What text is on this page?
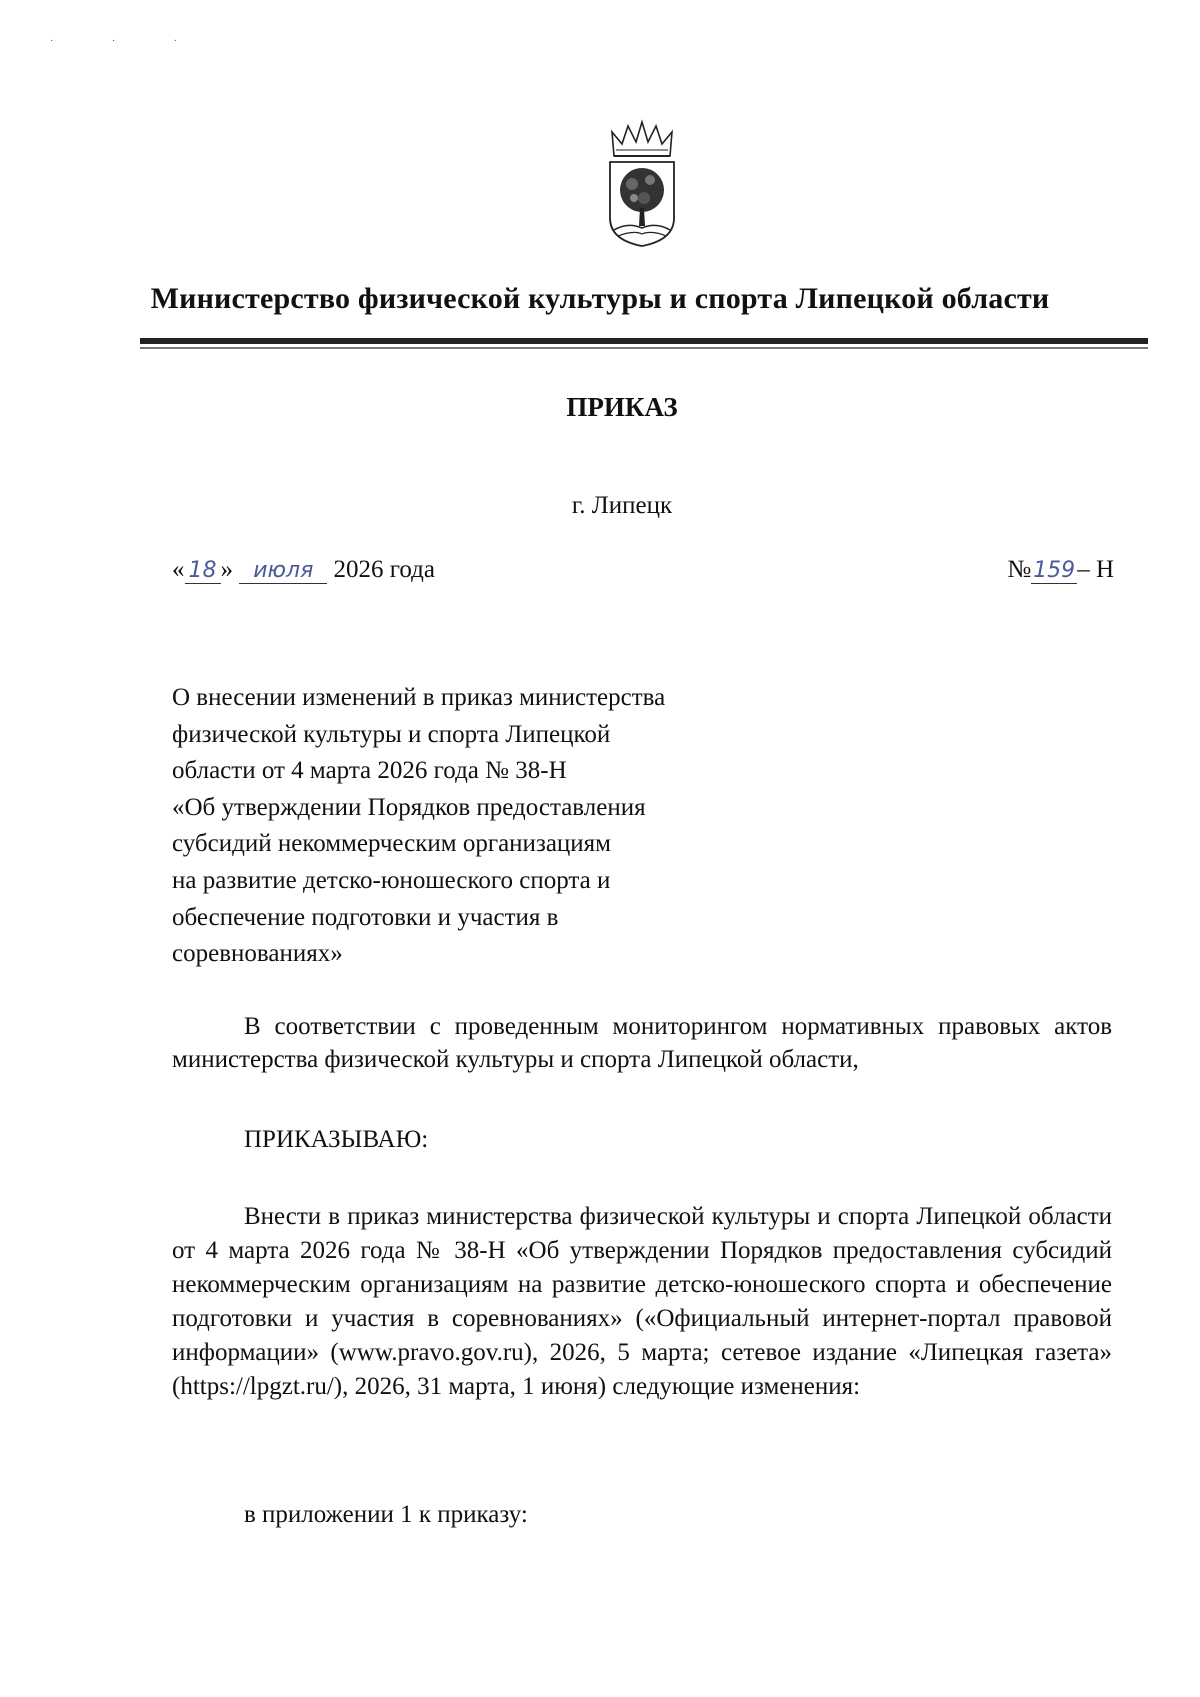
· · ·
Министерство физической культуры и спорта Липецкой области
ПРИКАЗ
г. Липецк
« 18 » июля 2026 года	№159– Н
О внесении изменений в приказ министерства
физической культуры и спорта Липецкой
области от 4 марта 2026 года № 38-Н
«Об утверждении Порядков предоставления
субсидий некоммерческим организациям
на развитие детско-юношеского спорта и
обеспечение подготовки и участия в
соревнованиях»
В соответствии с проведенным мониторингом нормативных правовых актов министерства физической культуры и спорта Липецкой области,
ПРИКАЗЫВАЮ:
Внести в приказ министерства физической культуры и спорта Липецкой области от 4 марта 2026 года № 38-Н «Об утверждении Порядков предоставления субсидий некоммерческим организациям на развитие детско-юношеского спорта и обеспечение подготовки и участия в соревнованиях» («Официальный интернет-портал правовой информации» (www.pravo.gov.ru), 2026, 5 марта; сетевое издание «Липецкая газета» (https://lpgzt.ru/), 2026, 31 марта, 1 июня) следующие изменения:
в приложении 1 к приказу:
